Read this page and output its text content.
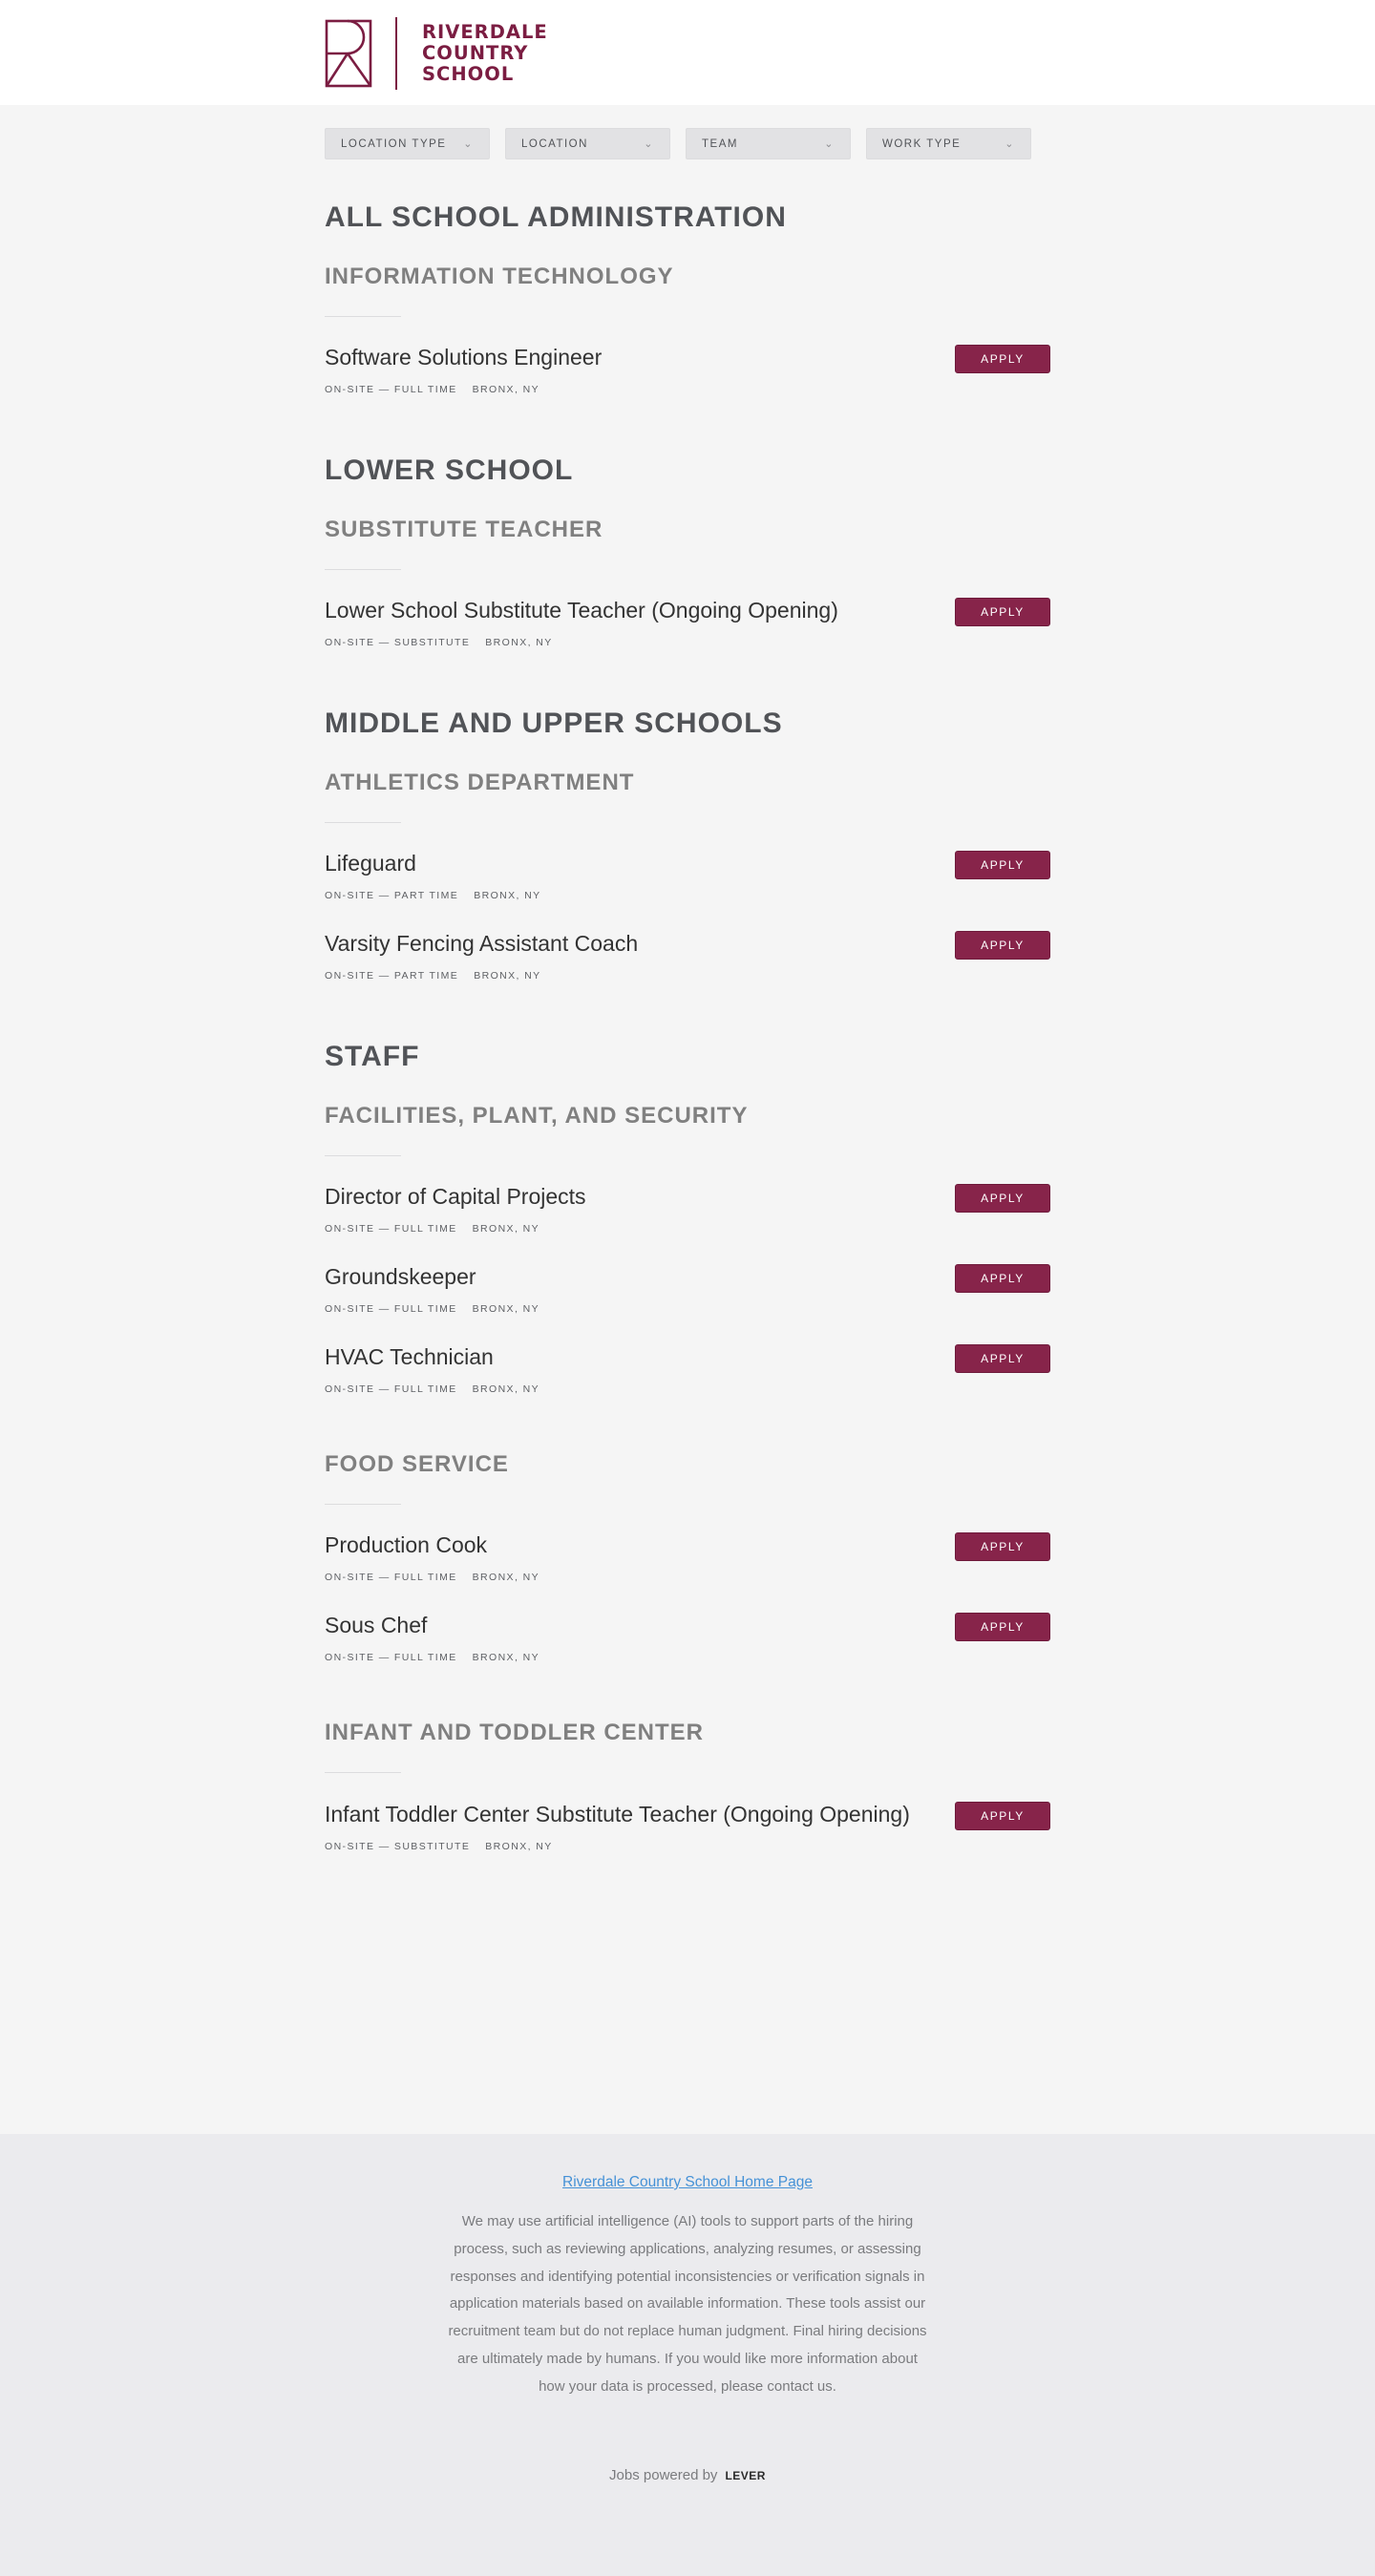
RIVERDALE
COUNTRY
SCHOOL
LOCATION TYPE ⌄	LOCATION	⌄	TEAM	⌄	WORK TYPE	⌄
ALL SCHOOL ADMINISTRATION
INFORMATION TECHNOLOGY
Software Solutions Engineer
ON-SITE — FULL TIME BRONX, NY
APPLY
LOWER SCHOOL
SUBSTITUTE TEACHER
Lower School Substitute Teacher (Ongoing Opening)
ON-SITE — SUBSTITUTE BRONX, NY
APPLY
MIDDLE AND UPPER SCHOOLS
ATHLETICS DEPARTMENT
Lifeguard
ON-SITE — PART TIME BRONX, NY
APPLY
Varsity Fencing Assistant Coach
ON-SITE — PART TIME BRONX, NY
APPLY
STAFF
FACILITIES, PLANT, AND SECURITY
Director of Capital Projects
ON-SITE — FULL TIME BRONX, NY
APPLY
Groundskeeper
ON-SITE — FULL TIME BRONX, NY
APPLY
HVAC Technician
ON-SITE — FULL TIME BRONX, NY
APPLY
FOOD SERVICE
Production Cook
ON-SITE — FULL TIME BRONX, NY
APPLY
Sous Chef
ON-SITE — FULL TIME BRONX, NY
APPLY
INFANT AND TODDLER CENTER
Infant Toddler Center Substitute Teacher (Ongoing Opening)
ON-SITE — SUBSTITUTE BRONX, NY
APPLY
Riverdale Country School Home Page

We may use artificial intelligence (AI) tools to support parts of the hiring process, such as reviewing applications, analyzing resumes, or assessing responses and identifying potential inconsistencies or verification signals in application materials based on available information. These tools assist our recruitment team but do not replace human judgment. Final hiring decisions are ultimately made by humans. If you would like more information about how your data is processed, please contact us.

Jobs powered by LEVER
